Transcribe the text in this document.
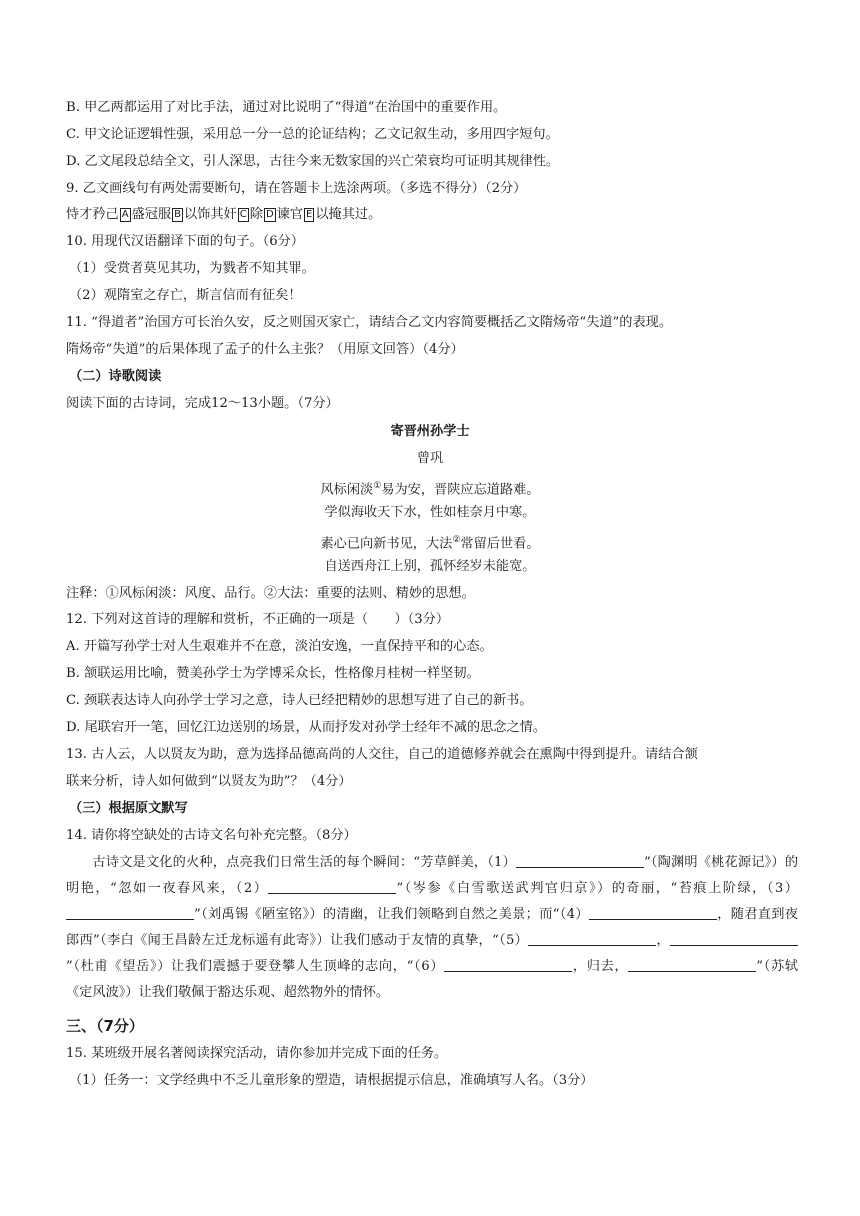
B. 甲乙两都运用了对比手法，通过对比说明了“得道”在治国中的重要作用。
C. 甲文论证逻辑性强，采用总一分一总的论证结构；乙文记叙生动，多用四字短句。
D. 乙文尾段总结全文，引人深思，古往今来无数家国的兴亡荣衰均可证明其规律性。
9. 乙文画线句有两处需要断句，请在答题卡上选涂两项。（多选不得分）（2分）
恃才矜己 A 盛冠服 B 以饰其奸 C 除 D 谏官 E 以掩其过。
10. 用现代汉语翻译下面的句子。（6分）
（1）受赏者莫见其功，为戮者不知其罪。
（2）观隋室之存亡，斯言信而有征矣！
11. “得道者”治国方可长治久安，反之则国灭家亡，请结合乙文内容简要概括乙文隋炀帝“失道”的表现。
隋炀帝“失道”的后果体现了孟子的什么主张？（用原文回答）（4分）
（二）诗歌阅读
阅读下面的古诗词，完成12～13小题。（7分）
寄晋州孙学士
曾巩
风标闲淡①易为安，晋陕应忘道路难。
学似海收天下水，性如桂奈月中寒。
素心已向新书见，大法②常留后世看。
自送西舟江上别，孤怀经岁未能宽。
注释：①风标闲淡：风度、品行。②大法：重要的法则、精妙的思想。
12. 下列对这首诗的理解和赏析，不正确的一项是（　　）（3分）
A. 开篇写孙学士对人生艰难并不在意，淡泊安逸，一直保持平和的心态。
B. 颔联运用比喻，赞美孙学士为学博采众长，性格像月桂树一样坚韧。
C. 颈联表达诗人向孙学士学习之意，诗人已经把精妙的思想写进了自己的新书。
D. 尾联宕开一笔，回忆江边送别的场景，从而抒发对孙学士经年不减的思念之情。
13. 古人云，人以贤友为助，意为选择品德高尚的人交往，自己的道德修养就会在熏陶中得到提升。请结合颔
联来分析，诗人如何做到“以贤友为助”？（4分）
（三）根据原文默写
14. 请你将空缺处的古诗文名句补充完整。（8分）
古诗文是文化的火种，点亮我们日常生活的每个瞬间：“芳草鲜美，（1）	”（陶渊明《桃花源记》）的明艳，“忽如一夜春风来，（2）	”（岑参《白雪歌送武判官归京》）的奇丽，“苔痕上阶绿，（3）”（刘禹锡《陋室铭》）的清幽，让我们领略到自然之美景；而“（4）	，随君直到夜郎西”（李白《闻王昌龄左迁龙标遥有此寄》）让我们感动于友情的真挚，“（5）	，”（杜甫《望岳》）让我们震撼于要登攀人生顶峰的志向，“（6）	，归去，	”（苏轼《定风波》）让我们敬佩于豁达乐观、超然物外的情怀。
三、（7分）
15. 某班级开展名著阅读探究活动，请你参加并完成下面的任务。
（1）任务一：文学经典中不乏儿童形象的塑造，请根据提示信息，准确填写人名。（3分）
